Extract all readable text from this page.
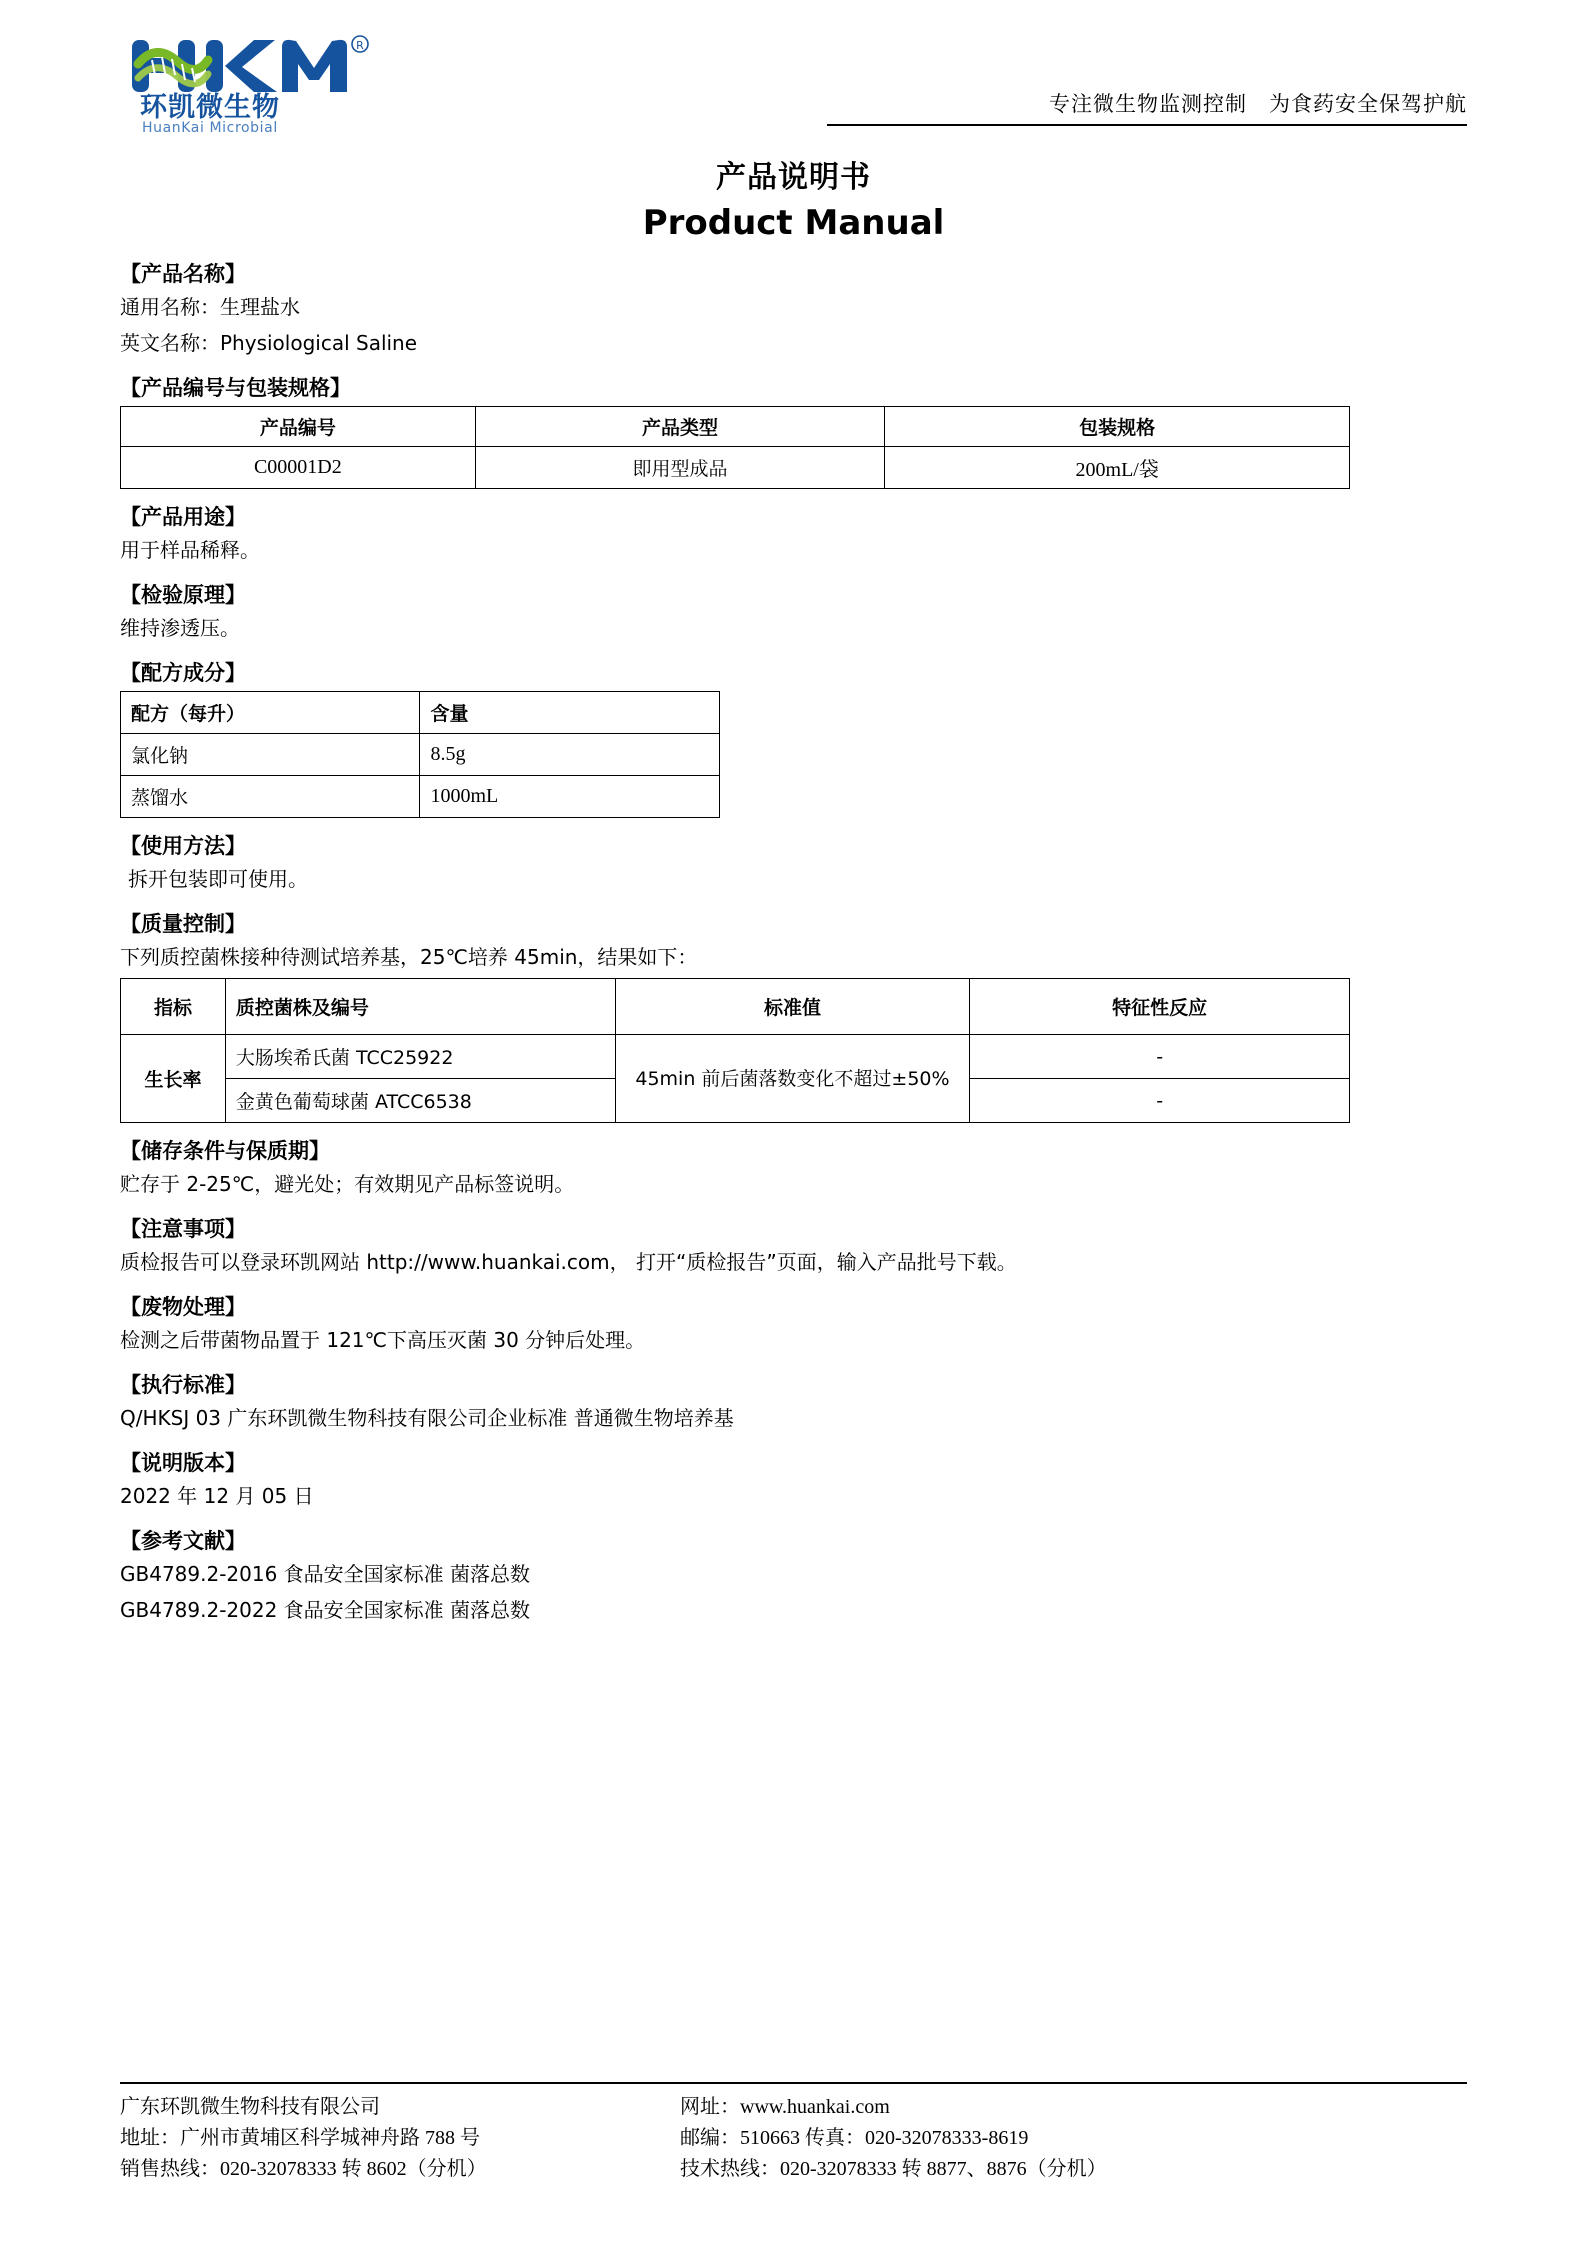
R
环凯微生物
HuanKai Microbial
专注微生物监测控制 为食药安全保驾护航
产品说明书
Product Manual
【产品名称】
通用名称：生理盐水
英文名称：Physiological Saline
【产品编号与包装规格】
产品编号	产品类型	包装规格
C00001D2	即用型成品	200mL/袋
【产品用途】
用于样品稀释。
【检验原理】
维持渗透压。
【配方成分】
配方（每升）	含量
氯化钠	8.5g
蒸馏水	1000mL
【使用方法】
拆开包装即可使用。
【质量控制】
下列质控菌株接种待测试培养基，25℃培养 45min，结果如下：
指标	质控菌株及编号	标准值	特征性反应
生长率	大肠埃希氏菌 TCC25922	45min 前后菌落数变化不超过±50%	-
	金黄色葡萄球菌 ATCC6538		-
【储存条件与保质期】
贮存于 2-25℃，避光处；有效期见产品标签说明。
【注意事项】
质检报告可以登录环凯网站 http://www.huankai.com， 打开“质检报告”页面，输入产品批号下载。
【废物处理】
检测之后带菌物品置于 121℃下高压灭菌 30 分钟后处理。
【执行标准】
Q/HKSJ 03 广东环凯微生物科技有限公司企业标准 普通微生物培养基
【说明版本】
2022 年 12 月 05 日
【参考文献】
GB4789.2-2016 食品安全国家标准 菌落总数
GB4789.2-2022 食品安全国家标准 菌落总数
广东环凯微生物科技有限公司
地址：广州市黄埔区科学城神舟路 788 号
销售热线：020-32078333 转 8602（分机）
网址：www.huankai.com
邮编：510663 传真：020-32078333-8619
技术热线：020-32078333 转 8877、8876（分机）
